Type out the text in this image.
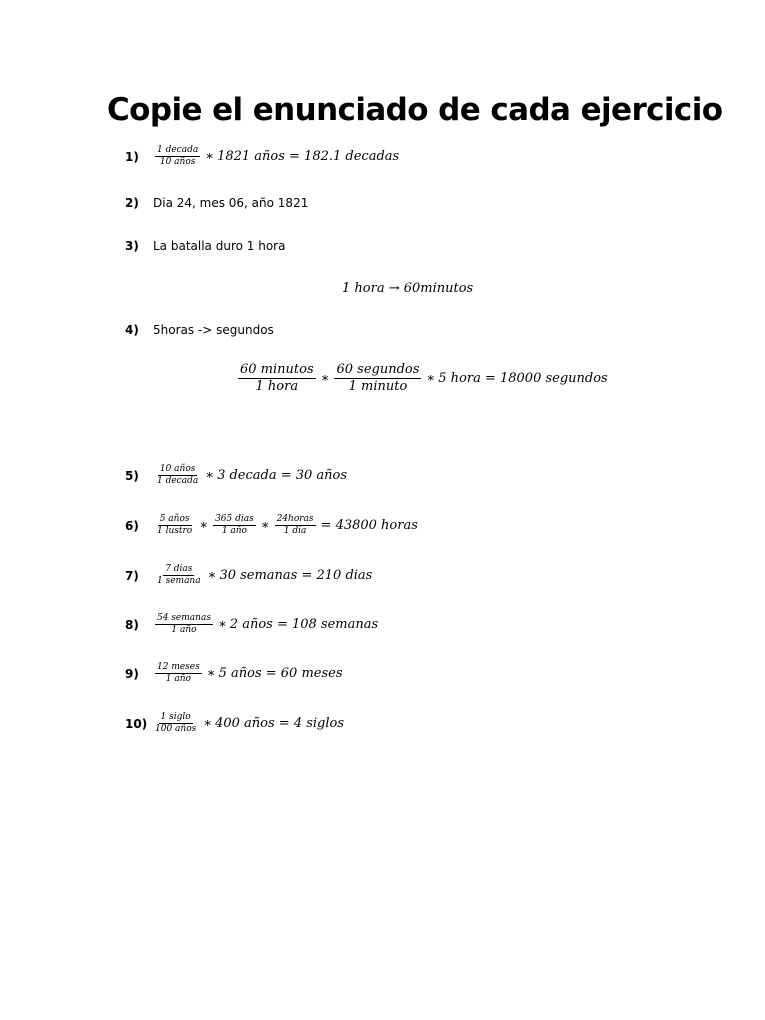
Copie el enunciado de cada ejercicio
1)	$\frac{\text{1 decada}}{\text{10 años}}$ ∗ 1821 años = 182.1 decadas
2)	Dia 24, mes 06, año 1821
3)	La batalla duro 1 hora
1 hora → 60minutos
4)	5horas -> segundos
$\frac{\text{60 minutos}}{\text{1 hora}}$ ∗ $\frac{\text{60 segundos}}{\text{1 minuto}}$ ∗ 5 hora = 18000 segundos
5)	$\frac{\text{10 años}}{\text{1 decada}}$ ∗ 3 decada = 30 años
6)	$\frac{\text{5 años}}{\text{1 lustro}}$ ∗ $\frac{\text{365 dias}}{\text{1 año}}$ ∗ $\frac{\text{24horas}}{\text{1 dia}} = 43800$ horas
7)	$\frac{\text{7 dias}}{\text{1 semana}}$ ∗ 30 semanas = 210 dias
8)	$\frac{\text{54 semanas}}{\text{1 año}}$ ∗ 2 años = 108 semanas
9)	$\frac{\text{12 meses}}{\text{1 año}}$ ∗ 5 años = 60 meses
$10) \frac{\text{1 siglo}}{\text{100 años}}$ ∗ 400 años = 4 siglos
